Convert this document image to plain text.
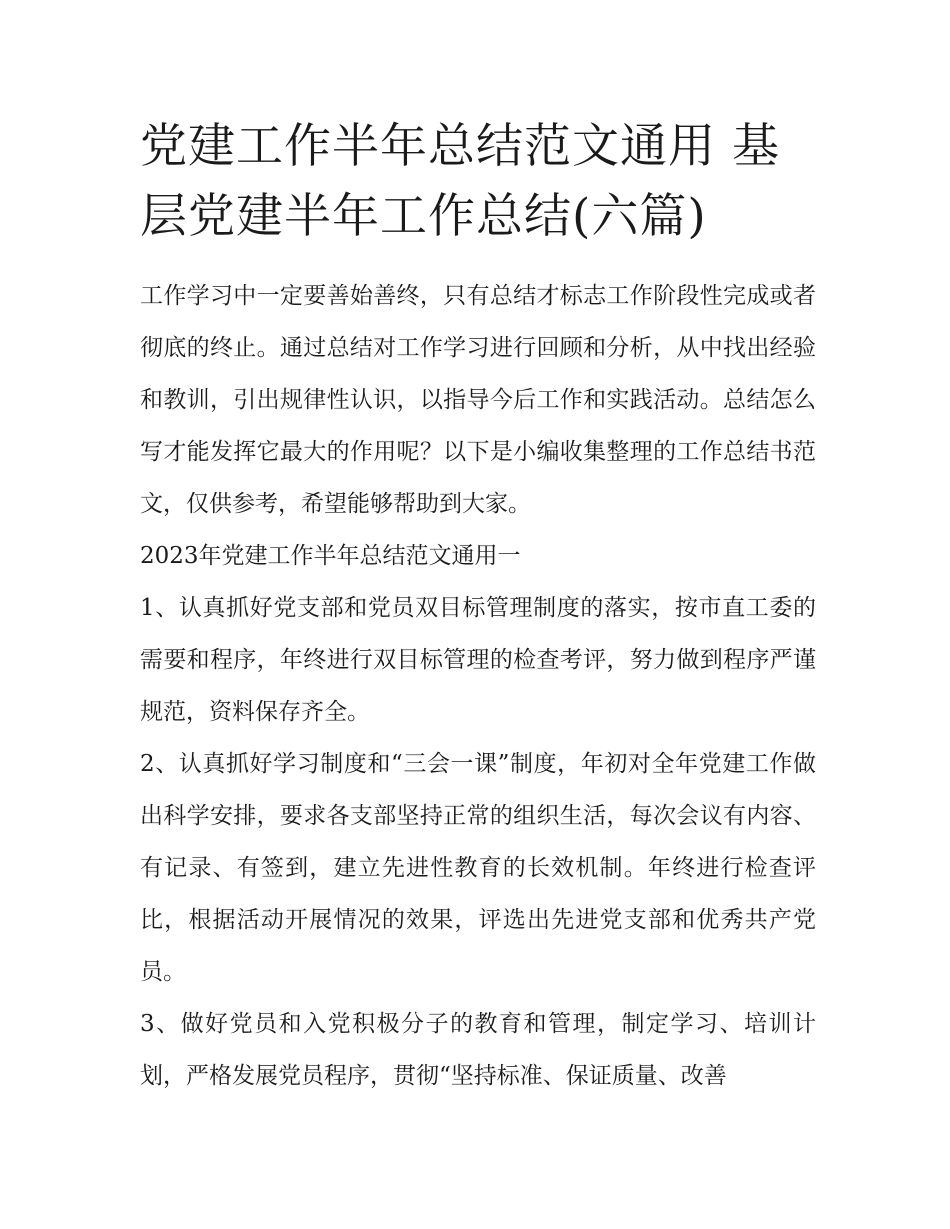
党建工作半年总结范文通用 基层党建半年工作总结(六篇)

工作学习中一定要善始善终，只有总结才标志工作阶段性完成或者彻底的终止。通过总结对工作学习进行回顾和分析，从中找出经验和教训，引出规律性认识，以指导今后工作和实践活动。总结怎么写才能发挥它最大的作用呢？以下是小编收集整理的工作总结书范文，仅供参考，希望能够帮助到大家。

2023年党建工作半年总结范文通用一

1、认真抓好党支部和党员双目标管理制度的落实，按市直工委的需要和程序，年终进行双目标管理的检查考评，努力做到程序严谨规范，资料保存齐全。

2、认真抓好学习制度和“三会一课”制度，年初对全年党建工作做出科学安排，要求各支部坚持正常的组织生活，每次会议有内容、有记录、有签到，建立先进性教育的长效机制。年终进行检查评比，根据活动开展情况的效果，评选出先进党支部和优秀共产党员。

3、做好党员和入党积极分子的教育和管理，制定学习、培训计划，严格发展党员程序，贯彻“坚持标准、保证质量、改善
